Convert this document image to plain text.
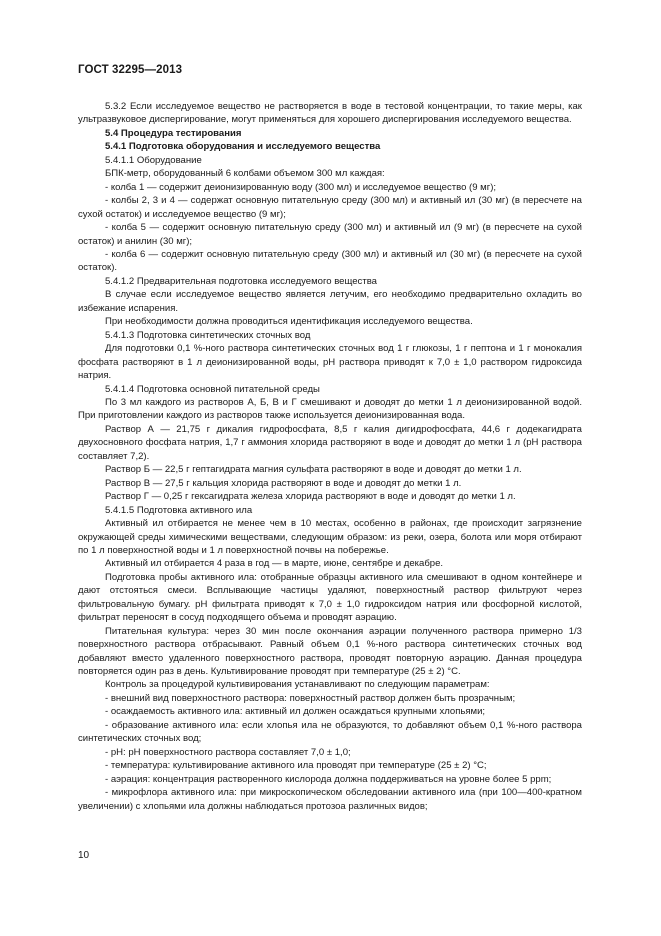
ГОСТ 32295—2013

5.3.2 Если исследуемое вещество не растворяется в воде в тестовой концентрации, то такие меры, как ультразвуковое диспергирование, могут применяться для хорошего диспергирования исследуемого вещества.

5.4 Процедура тестирования

5.4.1 Подготовка оборудования и исследуемого вещества

5.4.1.1 Оборудование

БПК-метр, оборудованный 6 колбами объемом 300 мл каждая:

- колба 1 — содержит деионизированную воду (300 мл) и исследуемое вещество (9 мг);

- колбы 2, 3 и 4 — содержат основную питательную среду (300 мл) и активный ил (30 мг) (в пересчете на сухой остаток) и исследуемое вещество (9 мг);

- колба 5 — содержит основную питательную среду (300 мл) и активный ил (9 мг) (в пересчете на сухой остаток) и анилин (30 мг);

- колба 6 — содержит основную питательную среду (300 мл) и активный ил (30 мг) (в пересчете на сухой остаток).

5.4.1.2 Предварительная подготовка исследуемого вещества

В случае если исследуемое вещество является летучим, его необходимо предварительно охладить во избежание испарения.

При необходимости должна проводиться идентификация исследуемого вещества.

5.4.1.3 Подготовка синтетических сточных вод

Для подготовки 0,1 %-ного раствора синтетических сточных вод 1 г глюкозы, 1 г пептона и 1 г монокалия фосфата растворяют в 1 л деионизированной воды, pH раствора приводят к 7,0 ± 1,0 раствором гидроксида натрия.

5.4.1.4 Подготовка основной питательной среды

По 3 мл каждого из растворов А, Б, В и Г смешивают и доводят до метки 1 л деионизированной водой. При приготовлении каждого из растворов также используется деионизированная вода.

Раствор А — 21,75 г дикалия гидрофосфата, 8,5 г калия дигидрофосфата, 44,6 г додекагидрата двухосновного фосфата натрия, 1,7 г аммония хлорида растворяют в воде и доводят до метки 1 л (pH раствора составляет 7,2).

Раствор Б — 22,5 г гептагидрата магния сульфата растворяют в воде и доводят до метки 1 л.

Раствор В — 27,5 г кальция хлорида растворяют в воде и доводят до метки 1 л.

Раствор Г — 0,25 г гексагидрата железа хлорида растворяют в воде и доводят до метки 1 л.

5.4.1.5 Подготовка активного ила

Активный ил отбирается не менее чем в 10 местах, особенно в районах, где происходит загрязнение окружающей среды химическими веществами, следующим образом: из реки, озера, болота или моря отбирают по 1 л поверхностной воды и 1 л поверхностной почвы на побережье.

Активный ил отбирается 4 раза в год — в марте, июне, сентябре и декабре.

Подготовка пробы активного ила: отобранные образцы активного ила смешивают в одном контейнере и дают отстояться смеси. Всплывающие частицы удаляют, поверхностный раствор фильтруют через фильтровальную бумагу. pH фильтрата приводят к 7,0 ± 1,0 гидроксидом натрия или фосфорной кислотой, фильтрат переносят в сосуд подходящего объема и проводят аэрацию.

Питательная культура: через 30 мин после окончания аэрации полученного раствора примерно 1/3 поверхностного раствора отбрасывают. Равный объем 0,1 %-ного раствора синтетических сточных вод добавляют вместо удаленного поверхностного раствора, проводят повторную аэрацию. Данная процедура повторяется один раз в день. Культивирование проводят при температуре (25 ± 2) °С.

Контроль за процедурой культивирования устанавливают по следующим параметрам:

- внешний вид поверхностного раствора: поверхностный раствор должен быть прозрачным;

- осаждаемость активного ила: активный ил должен осаждаться крупными хлопьями;

- образование активного ила: если хлопья ила не образуются, то добавляют объем 0,1 %-ного раствора синтетических сточных вод;

- pH: pH поверхностного раствора составляет 7,0 ± 1,0;

- температура: культивирование активного ила проводят при температуре (25 ± 2) °С;

- аэрация: концентрация растворенного кислорода должна поддерживаться на уровне более 5 ppm;

- микрофлора активного ила: при микроскопическом обследовании активного ила (при 100—400-кратном увеличении) с хлопьями ила должны наблюдаться протозоа различных видов;

10
